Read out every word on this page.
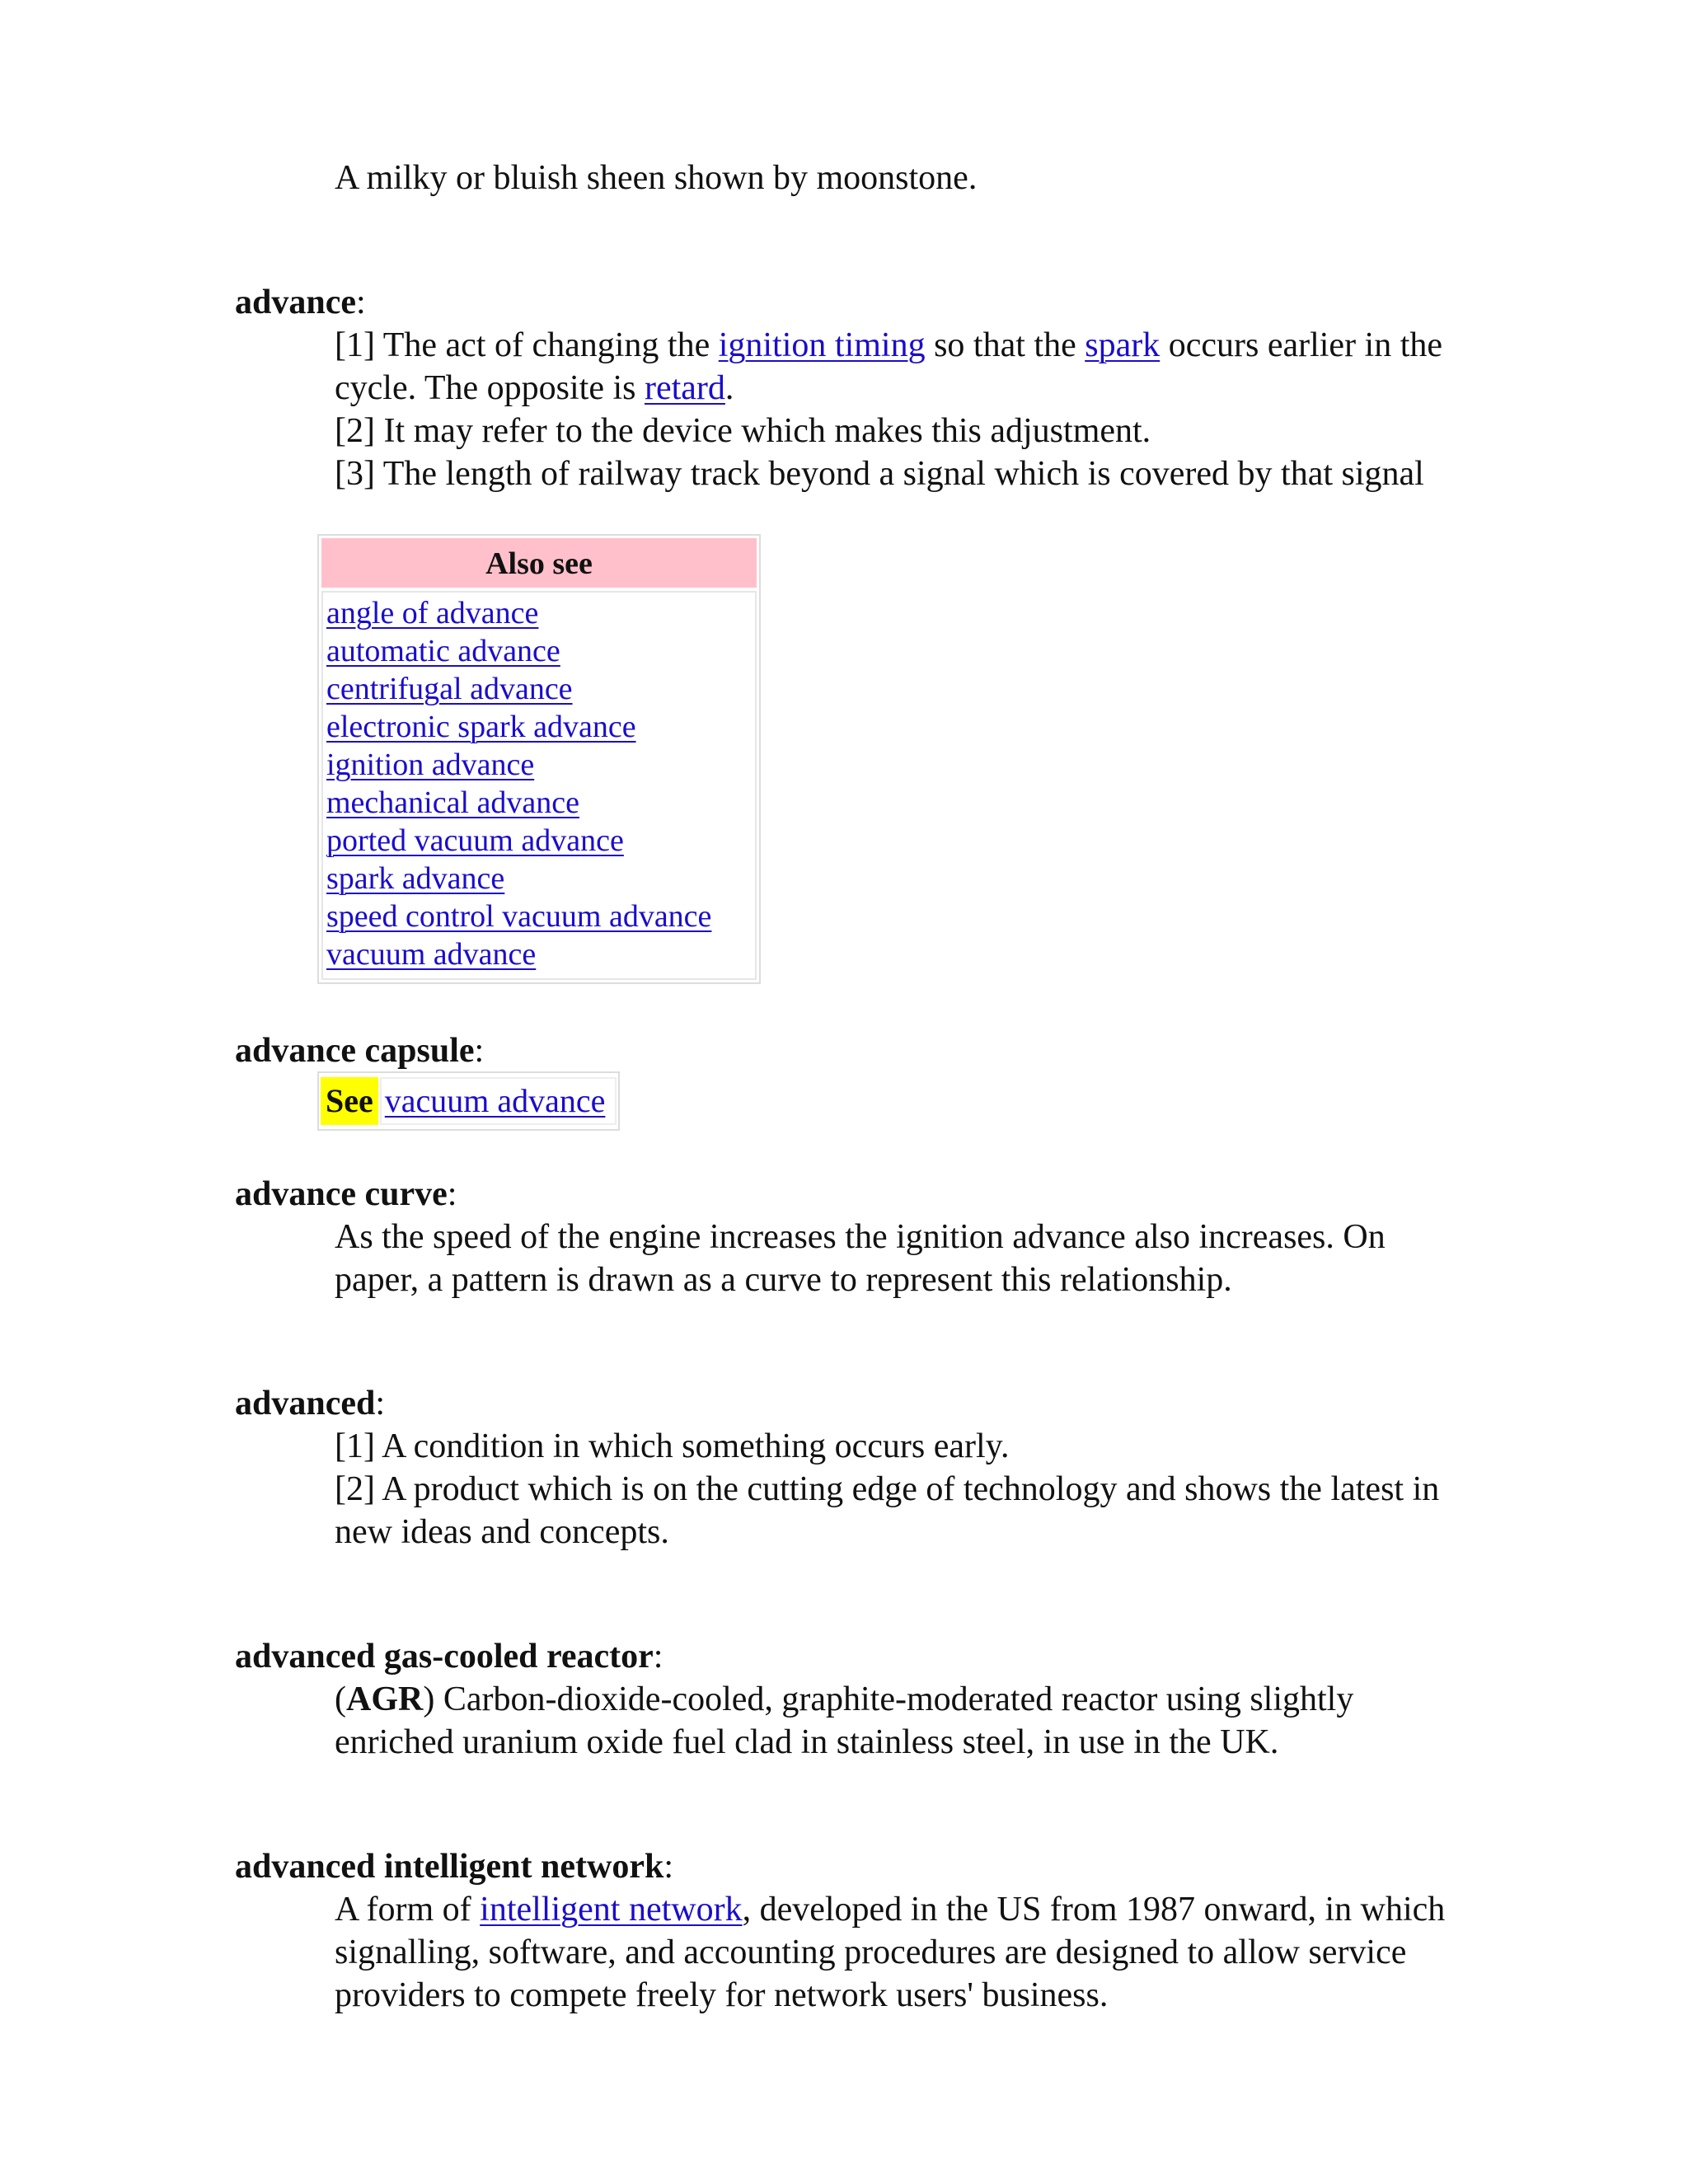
A milky or bluish sheen shown by moonstone.
advance:
[1] The act of changing the ignition timing so that the spark occurs earlier in the cycle. The opposite is retard.
[2] It may refer to the device which makes this adjustment.
[3] The length of railway track beyond a signal which is covered by that signal
Also see
angle of advance
automatic advance
centrifugal advance
electronic spark advance
ignition advance
mechanical advance
ported vacuum advance
spark advance
speed control vacuum advance
vacuum advance
advance capsule:
See vacuum advance
advance curve:
As the speed of the engine increases the ignition advance also increases. On paper, a pattern is drawn as a curve to represent this relationship.
advanced:
[1] A condition in which something occurs early.
[2] A product which is on the cutting edge of technology and shows the latest in new ideas and concepts.
advanced gas-cooled reactor:
(AGR) Carbon-dioxide-cooled, graphite-moderated reactor using slightly enriched uranium oxide fuel clad in stainless steel, in use in the UK.
advanced intelligent network:
A form of intelligent network, developed in the US from 1987 onward, in which signalling, software, and accounting procedures are designed to allow service providers to compete freely for network users' business.
